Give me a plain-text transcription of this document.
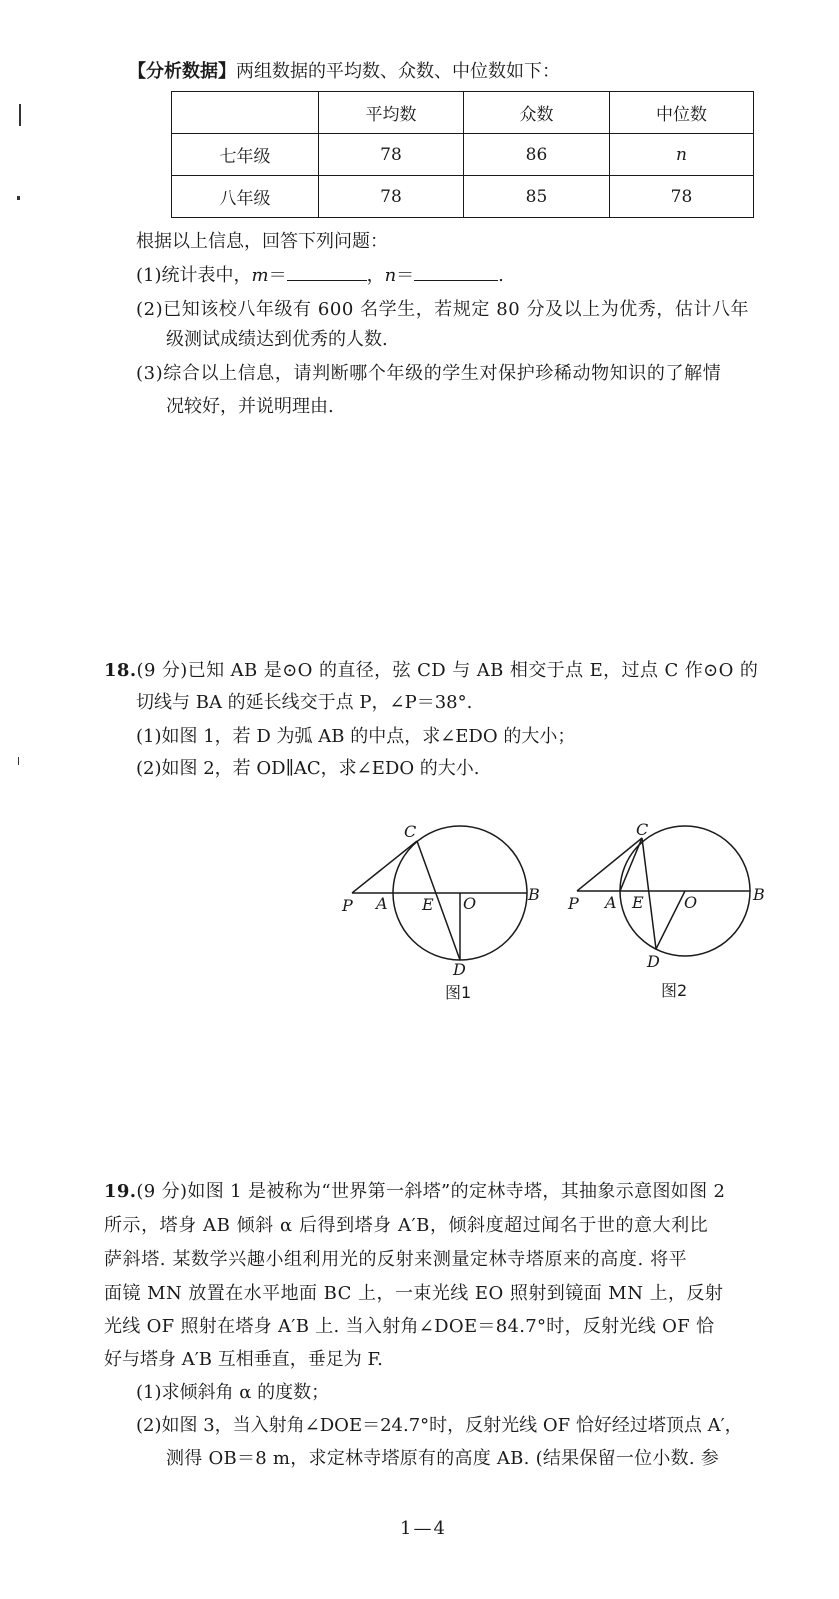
【分析数据】两组数据的平均数、众数、中位数如下：
	平均数	众数	中位数
七年级	78	86	n
八年级	78	85	78
根据以上信息，回答下列问题：
(1)统计表中，m＝	，n＝	.
(2)已知该校八年级有 600 名学生，若规定 80 分及以上为优秀，估计八年
级测试成绩达到优秀的人数.
(3)综合以上信息，请判断哪个年级的学生对保护珍稀动物知识的了解情
况较好，并说明理由.
18.(9 分)已知 AB 是⊙O 的直径，弦 CD 与 AB 相交于点 E，过点 C 作⊙O 的
切线与 BA 的延长线交于点 P，∠P＝38°.
(1)如图 1，若 D 为弧 AB 的中点，求∠EDO 的大小；
(2)如图 2，若 OD∥AC，求∠EDO 的大小.
C
P A E O	B
D
图1
C
P A E	O	B
D
图2
19.(9 分)如图 1 是被称为“世界第一斜塔”的定林寺塔，其抽象示意图如图 2
所示，塔身 AB 倾斜 α 后得到塔身 A′B，倾斜度超过闻名于世的意大利比
萨斜塔. 某数学兴趣小组利用光的反射来测量定林寺塔原来的高度. 将平
面镜 MN 放置在水平地面 BC 上，一束光线 EO 照射到镜面 MN 上，反射
光线 OF 照射在塔身 A′B 上. 当入射角∠DOE＝84.7°时，反射光线 OF 恰
好与塔身 A′B 互相垂直，垂足为 F.
(1)求倾斜角 α 的度数；
(2)如图 3，当入射角∠DOE＝24.7°时，反射光线 OF 恰好经过塔顶点 A′，
测得 OB＝8 m，求定林寺塔原有的高度 AB. (结果保留一位小数. 参
1—4
